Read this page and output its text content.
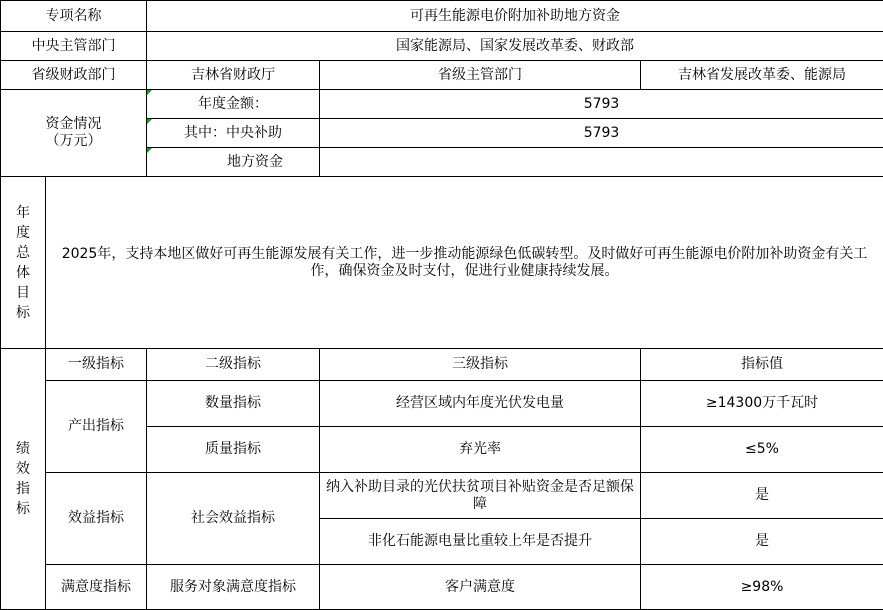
专项名称		可再生能源电价附加补助地方资金		
中央主管部门		国家能源局、国家发展改革委、财政部		
省级财政部门		吉林省财政厅	省级主管部门	吉林省发展改革委、能源局
资金情况（万元）		年度金额：	5793	
		其中：中央补助	5793	
		地方资金		
年度总体目标	2025年，支持本地区做好可再生能源发展有关工作，进一步推动能源绿色低碳转型。及时做好可再生能源电价附加补助资金有关工作，确保资金及时支付，促进行业健康持续发展。			
绩效指标	一级指标	二级指标	三级指标	指标值
	产出指标	数量指标	经营区域内年度光伏发电量	≥14300万千瓦时
		质量指标	弃光率	≤5%
	效益指标	社会效益指标	纳入补助目录的光伏扶贫项目补贴资金是否足额保障	是
			非化石能源电量比重较上年是否提升	是
	满意度指标	服务对象满意度指标	客户满意度	≥98%
